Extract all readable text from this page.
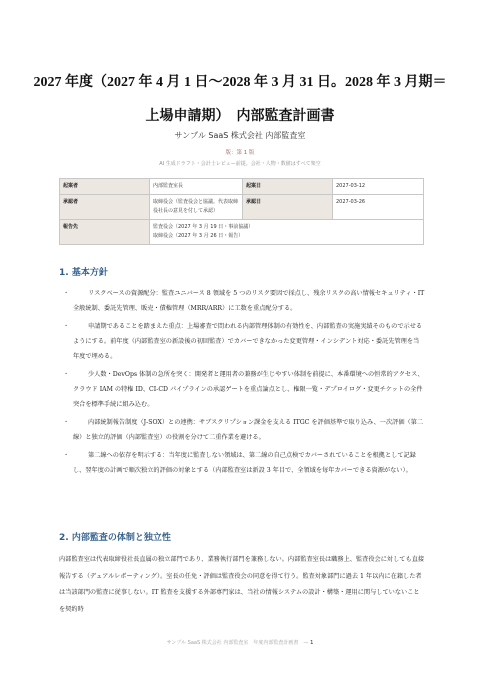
2027 年度（2027 年 4 月 1 日〜2028 年 3 月 31 日。2028 年 3 月期＝上場申請期）　内部監査計画書
サンプル SaaS 株式会社 内部監査室
版：第 1 版
AI 生成ドラフト・会計士レビュー前提。会社・人物・数値はすべて架空
起案者	内部監査室長	起案日	2027-03-12
承認者	取締役会（監査役会と協議。代表取締役社長の意見を付して承認）	承認日	2027-03-26
報告先	監査役会（2027 年 3 月 19 日・事前協議）
取締役会（2027 年 3 月 26 日・報告）		
1. 基本方針
・	リスクベースの資源配分：監査ユニバース 8 領域を 5 つのリスク要因で採点し、残余リスクの高い情報セキュリティ・IT 全般統制、委託先管理、販売・債権管理（MRR/ARR）に工数を重点配分する。
・	申請期であることを踏まえた重点：上場審査で問われる内部管理体制の有効性を、内部監査の実施実績そのもので示せるようにする。前年度（内部監査室の新設後の初回監査）でカバーできなかった変更管理・インシデント対応・委託先管理を当年度で埋める。
・	少人数・DevOps 体制の急所を突く：開発者と運用者の兼務が生じやすい体制を前提に、本番環境への恒常的アクセス、クラウド IAM の特権 ID、CI-CD パイプラインの承認ゲートを重点論点とし、権限一覧・デプロイログ・変更チケットの全件突合を標準手続に組み込む。
・	内部統制報告制度（J-SOX）との連携：サブスクリプション課金を支える ITGC を評価基準で取り込み、一次評価（第二線）と独立的評価（内部監査室）の役割を分けて二重作業を避ける。
・	第二線への依存を明示する：当年度に監査しない領域は、第二線の自己点検でカバーされていることを根拠として記録し、翌年度の計画で順次独立的評価の対象とする（内部監査室は新設 3 年目で、全領域を毎年カバーできる資源がない）。
2. 内部監査の体制と独立性

内部監査室は代表取締役社長直属の独立部門であり、業務執行部門を兼務しない。内部監査室長は職務上、監査役会に対しても直接報告する（デュアルレポーティング）。室長の任免・評価は監査役会の同意を得て行う。監査対象部門に過去 1 年以内に在籍した者は当該部門の監査に従事しない。IT 監査を支援する外部専門家は、当社の情報システムの設計・構築・運用に関与していないことを契約時

サンプル SaaS 株式会社 内部監査室　年度内部監査計画書　— 1
